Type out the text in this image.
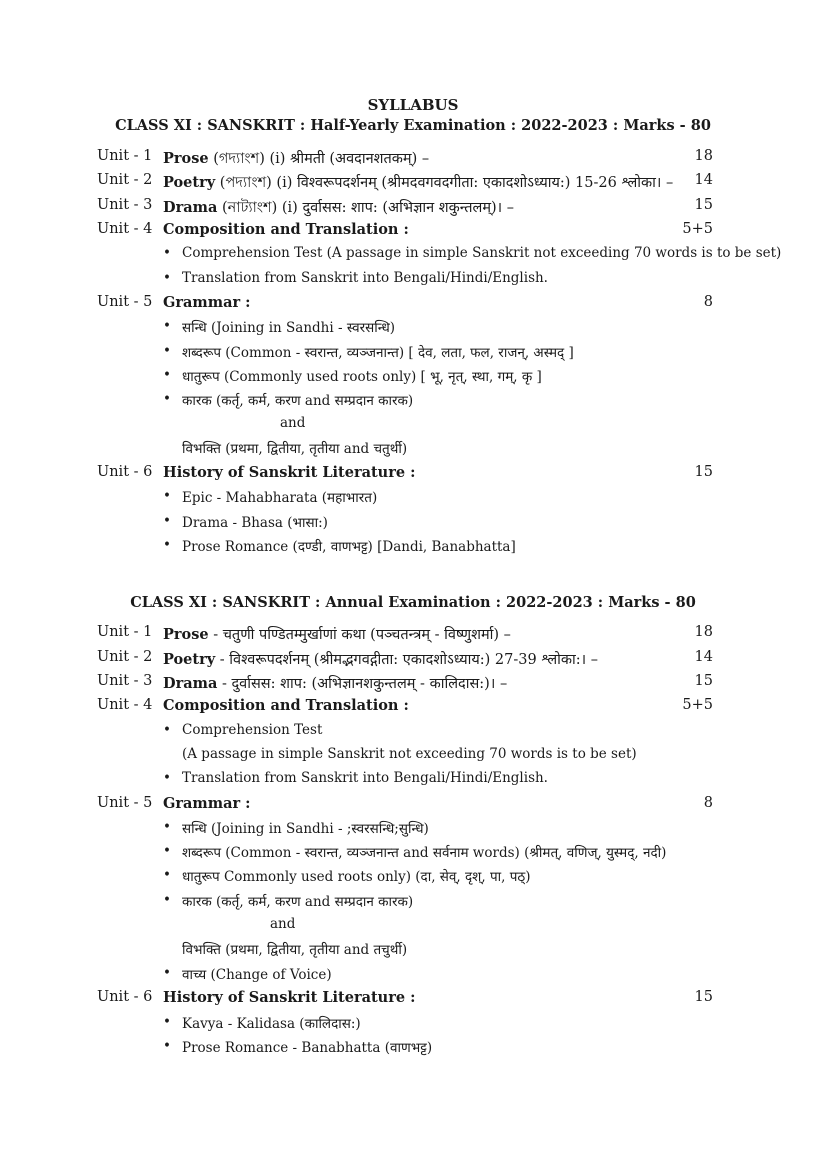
SYLLABUS
CLASS XI : SANSKRIT : Half-Yearly Examination : 2022-2023 : Marks - 80
Unit - 1 Prose (গদ্যাংশ) (i) श्रीमती (अवदानशतकम्) –	18
Unit - 2 Poetry (পদ্যাংশ) (i) विश्वरूपदर्शनम् (श्रीमदवगवदगीता: एकादशोऽध्याय:) 15-26 श्लोका। – 14
Unit - 3 Drama (নাট্যাংশ) (i) दुर्वासस: शाप: (अभिज्ञान शकुन्तलम्)। –	15
Unit - 4 Composition and Translation :	5+5
• Comprehension Test (A passage in simple Sanskrit not exceeding 70 words is to be set)
• Translation from Sanskrit into Bengali/Hindi/English.
Unit - 5 Grammar :	8
• सन्धि (Joining in Sandhi - स्वरसन्धि)
• शब्दरूप (Common - स्वरान्त, व्यञ्जनान्त) [ देव, लता, फल, राजन्, अस्मद् ]
• धातुरूप (Commonly used roots only) [ भू, नृत्, स्था, गम्, कृ ]
• कारक (कर्तृ, कर्म, करण and सम्प्रदान कारक)
and
विभक्ति (प्रथमा, द्वितीया, तृतीया and चतुर्थी)
Unit - 6 History of Sanskrit Literature :	15
• Epic - Mahabharata (महाभारत)
• Drama - Bhasa (भासा:)
• Prose Romance (दण्डी, वाणभट्ट) [Dandi, Banabhatta]
CLASS XI : SANSKRIT : Annual Examination : 2022-2023 : Marks - 80
Unit - 1 Prose - चतुणी पण्डितम्मुर्खाणां कथा (पञ्चतन्त्रम् - विष्णुशर्मा) –	18
Unit - 2 Poetry - विश्वरूपदर्शनम् (श्रीमद्भगवद्गीता: एकादशोऽध्याय:) 27-39 श्लोका:। –	14
Unit - 3 Drama - दुर्वासस: शाप: (अभिज्ञानशकुन्तलम् - कालिदास:)। –	15
Unit - 4 Composition and Translation :	5+5
• Comprehension Test
(A passage in simple Sanskrit not exceeding 70 words is to be set)
• Translation from Sanskrit into Bengali/Hindi/English.
Unit - 5 Grammar :	8
• सन्धि (Joining in Sandhi - ;स्वरसन्धि;सुन्धि)
• शब्दरूप (Common - स्वरान्त, व्यञ्जनान्त and सर्वनाम words) (श्रीमत्, वणिज्, युस्मद्, नदी)
• धातुरूप Commonly used roots only) (दा, सेव्, दृश्, पा, पठ्)
• कारक (कर्तृ, कर्म, करण and सम्प्रदान कारक)
and
विभक्ति (प्रथमा, द्वितीया, तृतीया and तचुर्थी)
• वाच्य (Change of Voice)
Unit - 6 History of Sanskrit Literature :	15
• Kavya - Kalidasa (कालिदास:)
• Prose Romance - Banabhatta (वाणभट्ट)
